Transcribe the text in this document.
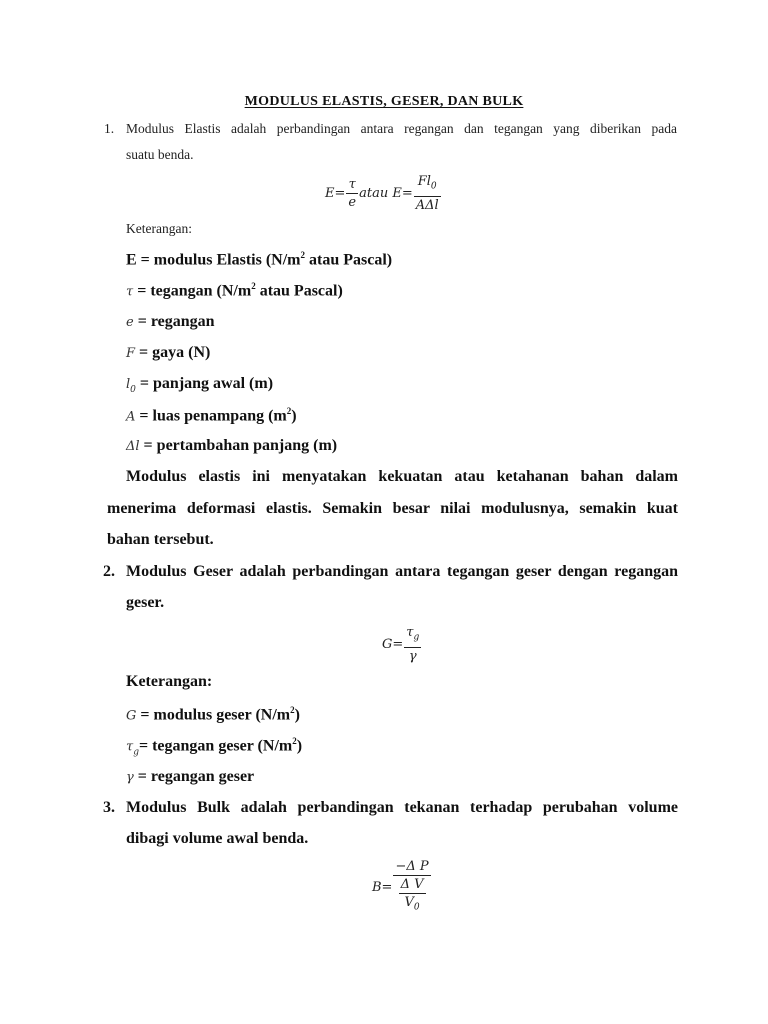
MODULUS ELASTIS, GESER, DAN BULK
1. Modulus Elastis adalah perbandingan antara regangan dan tegangan yang diberikan pada
suatu benda.
$E= \frac{\tau}{e}$ atau $E= \frac{Fl_0}{\text{AΔl}}$
Keterangan:
E = modulus Elastis ($N/m^2$ atau Pascal)
τ = tegangan ($N/m^2$ atau Pascal)
e = regangan
F = gaya (N)
$l_0$ = panjang awal (m)
A = luas penampang $(m^2)$
Δl = pertambahan panjang (m)
Modulus elastis ini menyatakan kekuatan atau ketahanan bahan dalam
menerima deformasi elastis. Semakin besar nilai modulusnya, semakin kuat
bahan tersebut.
2. Modulus Geser adalah perbandingan antara tegangan geser dengan regangan
geser.
$G= \frac{\tau_g}{\gamma}$
Keterangan:
G = modulus geser $(N/m^2)$
$\tau_g=$ tegangan geser $(N/m^2)$
γ = regangan geser
3. Modulus Bulk adalah perbandingan tekanan terhadap perubahan volume
dibagi volume awal benda.
$B= \frac{\text{−Δ P}}{\frac{\text{Δ V}}{V_0}}$
